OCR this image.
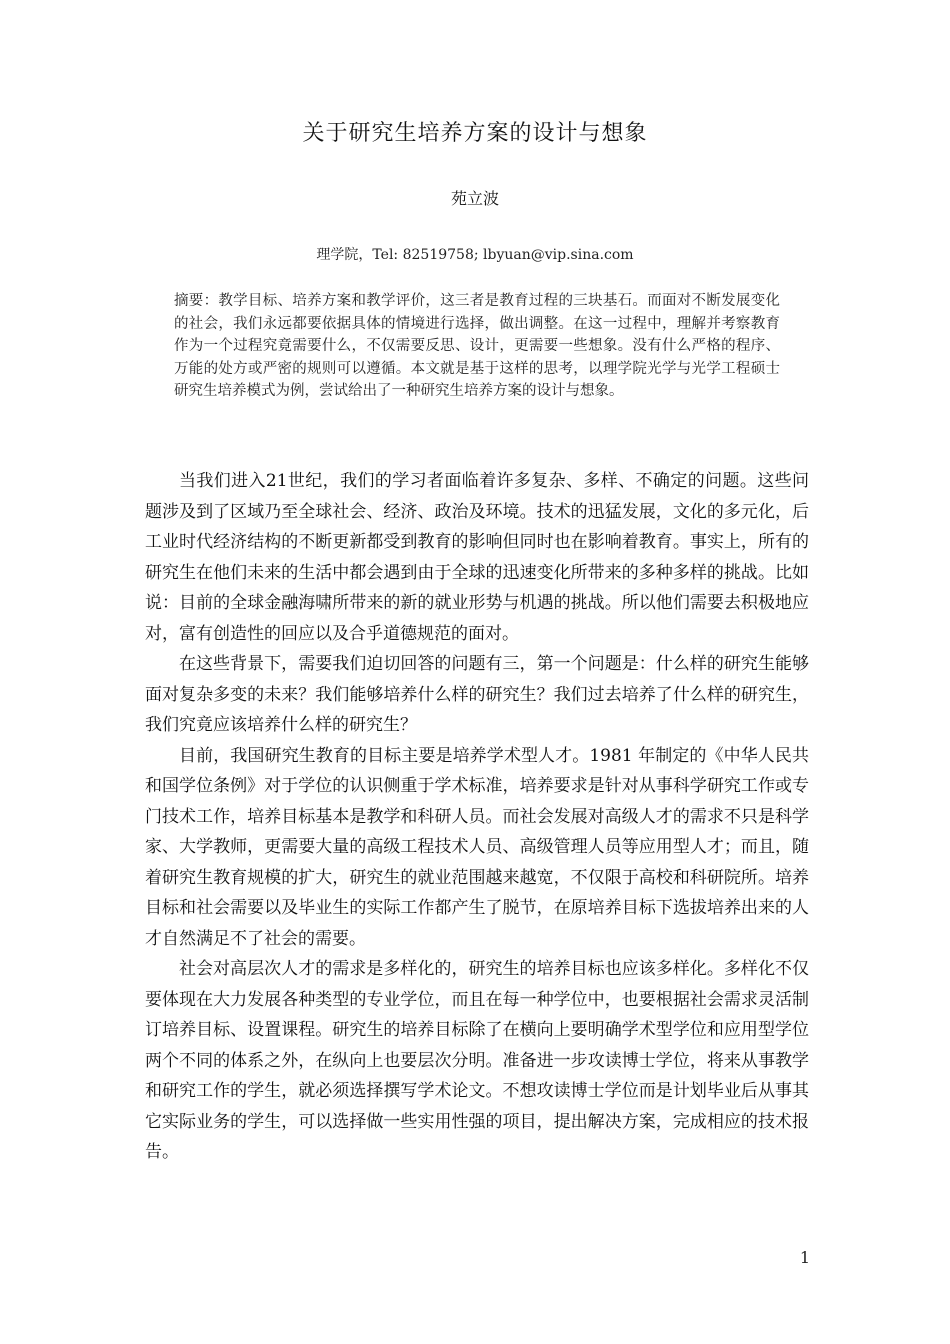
关于研究生培养方案的设计与想象
苑立波
理学院，Tel: 82519758; lbyuan@vip.sina.com
摘要：教学目标、培养方案和教学评价，这三者是教育过程的三块基石。而面对不断发展变化的社会，我们永远都要依据具体的情境进行选择，做出调整。在这一过程中，理解并考察教育作为一个过程究竟需要什么，不仅需要反思、设计，更需要一些想象。没有什么严格的程序、万能的处方或严密的规则可以遵循。本文就是基于这样的思考，以理学院光学与光学工程硕士研究生培养模式为例，尝试给出了一种研究生培养方案的设计与想象。

当我们进入21世纪，我们的学习者面临着许多复杂、多样、不确定的问题。这些问题涉及到了区域乃至全球社会、经济、政治及环境。技术的迅猛发展，文化的多元化，后工业时代经济结构的不断更新都受到教育的影响但同时也在影响着教育。事实上，所有的研究生在他们未来的生活中都会遇到由于全球的迅速变化所带来的多种多样的挑战。比如说：目前的全球金融海啸所带来的新的就业形势与机遇的挑战。所以他们需要去积极地应对，富有创造性的回应以及合乎道德规范的面对。

在这些背景下，需要我们迫切回答的问题有三，第一个问题是：什么样的研究生能够面对复杂多变的未来？我们能够培养什么样的研究生？我们过去培养了什么样的研究生，我们究竟应该培养什么样的研究生？

目前，我国研究生教育的目标主要是培养学术型人才。1981 年制定的《中华人民共和国学位条例》对于学位的认识侧重于学术标准，培养要求是针对从事科学研究工作或专门技术工作，培养目标基本是教学和科研人员。而社会发展对高级人才的需求不只是科学家、大学教师，更需要大量的高级工程技术人员、高级管理人员等应用型人才；而且，随着研究生教育规模的扩大，研究生的就业范围越来越宽，不仅限于高校和科研院所。培养目标和社会需要以及毕业生的实际工作都产生了脱节，在原培养目标下选拔培养出来的人才自然满足不了社会的需要。

社会对高层次人才的需求是多样化的，研究生的培养目标也应该多样化。多样化不仅要体现在大力发展各种类型的专业学位，而且在每一种学位中，也要根据社会需求灵活制订培养目标、设置课程。研究生的培养目标除了在横向上要明确学术型学位和应用型学位两个不同的体系之外，在纵向上也要层次分明。准备进一步攻读博士学位，将来从事教学和研究工作的学生，就必须选择撰写学术论文。不想攻读博士学位而是计划毕业后从事其它实际业务的学生，可以选择做一些实用性强的项目，提出解决方案，完成相应的技术报告。

1
